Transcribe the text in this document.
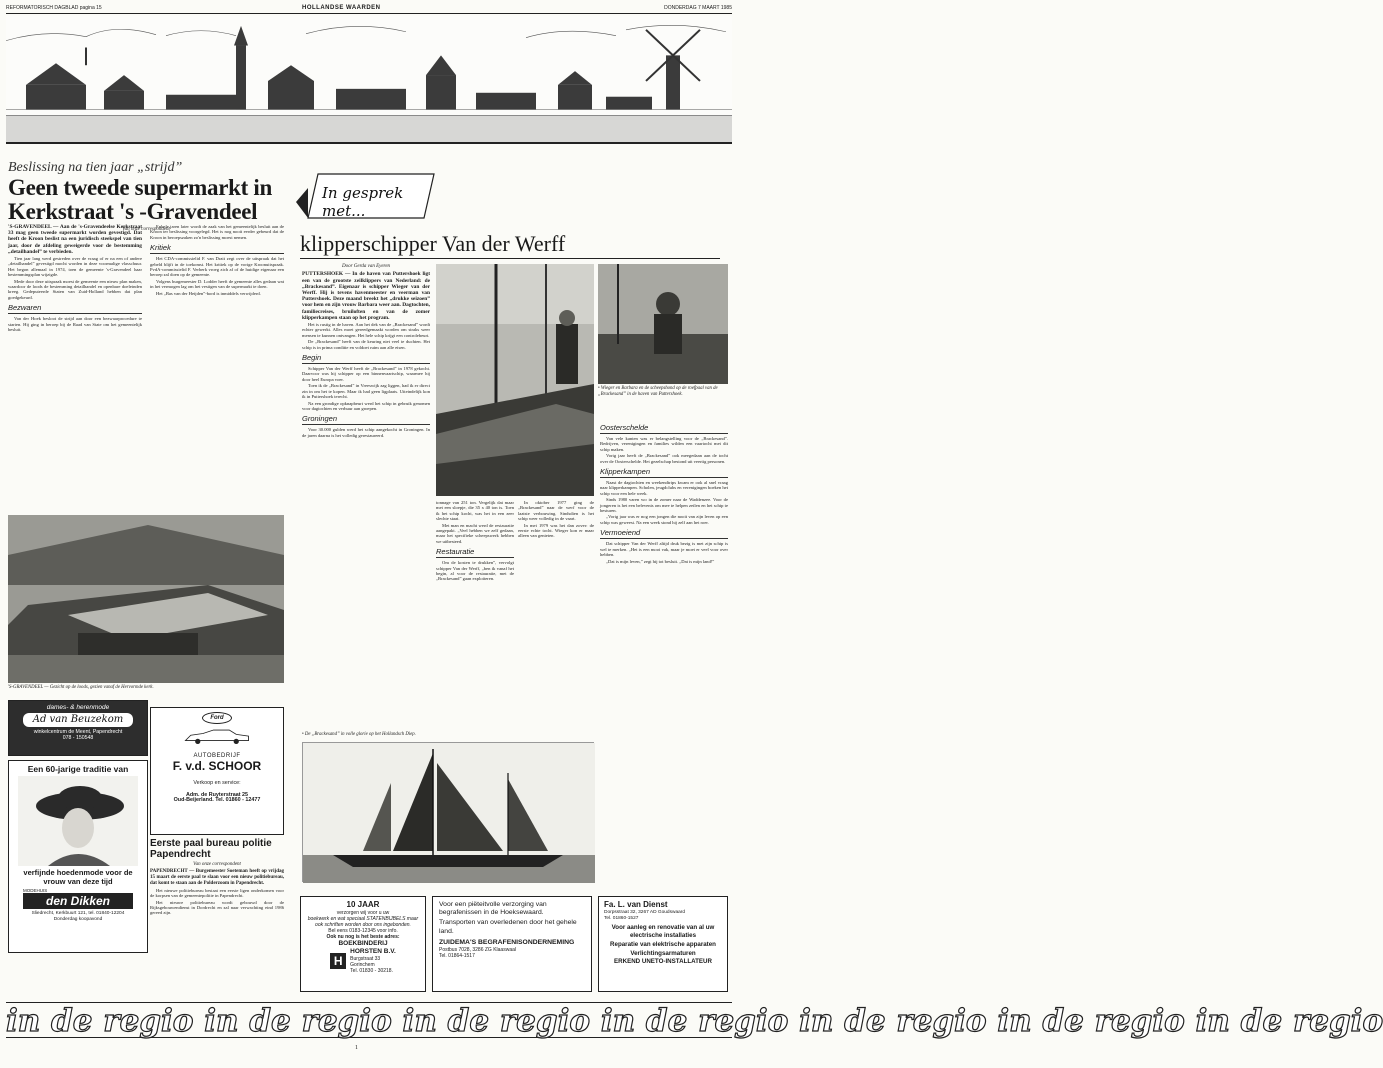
REFORMATORISCH DAGBLAD pagina 15	HOLLANDSE WAARDEN	DONDERDAG 7 MAART 1985
Beslissing na tien jaar „strijd”
Geen tweede supermarkt in Kerkstraat 's -Gravendeel
Van onze correspondent

'S-GRAVENDEEL — Aan de 's-Gravendeelse Kerkstraat 33 mag geen tweede supermarkt worden gevestigd. Dat heeft de Kroon beslist na een juridisch steekspel van tien jaar, door de afdeling geweigerde voor de bestemming „detailhandel” te verbieden.

Tien jaar lang werd gestreden over de vraag of er na een of andere „detailhandel” gevestigd mocht worden in deze voormalige vlasschuur. Het begon allemaal in 1974, toen de gemeente 's-Gravendeel haar bestemmingsplan wijzigde.

Mede door deze uitspraak moest de gemeente een nieuw plan maken, waardoor de loods de bestemming detailhandel en openbare doeleinden kreeg. Gedeputeerde Staten van Zuid-Holland hebben dat plan goedgekeurd.

Bezwaren

Van der Hoek besloot de strijd aan door een bezwaarprocedure te starten. Hij ging in beroep bij de Raad van State om het gemeentelijk besluit.

Enkele jaren later wordt de zaak van het gemeentelijk besluit aan de Kroon ter beslissing voorgelegd. Het is nog nooit eerder gebeurd dat de Kroon in beroepszaken zo'n beslissing moest nemen.

Kritiek

Het CDA-commissielid F. van Drait zegt over de uitspraak dat het gebeld blijft in de toekomst. Het kritiek op de vorige Kroonuitspraak. PvdA-commissielid F. Verberk vroeg zich af of de huidige eigenaar een beroep zal doen op de gemeente.

Volgens burgemeester D. Lodder heeft de gemeente alles gedaan wat in het vermogen lag om het vestigen van de supermarkt te doen.

Het „Bas van der Heijden”-bord is inmiddels verwijderd.

'S-GRAVENDEEL — Gezicht op de loods, gezien vanaf de Hervormde kerk.
dames- & herenmode
Ad van Beuzekom
winkelcentrum de Meent, Papendrecht
078 - 150548
Ford
AUTOBEDRIJF
F. v.d. SCHOOR
Verkoop en service:
Adm. de Ruyterstraat 25
Oud-Beijerland. Tel. 01860 - 12477
Een 60-jarige traditie van
verfijnde hoedenmode voor de vrouw van deze tijd
MODEHUIS
den Dikken
Sliedrecht, Kerkbuurt 121, tel. 01840-12204
Donderdag koopavond
Eerste paal bureau politie Papendrecht
Van onze correspondent

PAPENDRECHT — Burgemeester Soeteman heeft op vrijdag 15 maart de eerste paal te slaan voor een nieuw politiebureau, dat komt te staan aan de Polderzoom in Papendrecht.

Het nieuwe politiebureau bestaat een eerste ligen onderkomen voor de korpsen van de gemeentepolitie in Papendrecht.

Het nieuwe politiebureau wordt gebouwd door de Rijksgebouwendienst in Dordrecht en zal naar verwachting eind 1986 gereed zijn.

In gesprek met...
klipperschipper Van der Werff
Door Gerda van Eyeren

PUTTERSHOEK — In de haven van Puttershoek ligt een van de grootste zeilklippers van Nederland: de „Brackesand”. Eigenaar is schipper Wieger van der Werff. Hij is tevens havenmeester en veerman van Puttershoek. Deze maand breekt het „drukke seizoen” voor hem en zijn vrouw Barbara weer aan. Dagtochten, familiecreises, bruiloften en van de zomer klipperkampen staan op het program.

Het is rustig in de haven. Aan het dek van de „Brackesand” wordt echter gewerkt. Alles moet gereedgemaakt worden om straks weer mensen te kunnen ontvangen. Het hele schip krijgt een controlebeurt.

De „Brackesand” heeft van de keuring niet veel te duchten. Het schip is in prima conditie en voldoet ruim aan alle eisen.

Begin

Schipper Van der Werff heeft de „Brackesand” in 1978 gekocht. Daarvoor was hij schipper op een binnenvaartschip, waarmee hij door heel Europa voer.

Toen ik de „Brackesand” in Vreeswijk zag liggen, had ik er direct zin in om het te kopen. Maar ik had geen ligplaats. Uiteindelijk kon ik in Puttershoek terecht.

Na een grondige opknapbeurt werd het schip in gebruik genomen voor dagtochten en verhuur aan groepen.

Groningen

Voor 30.000 gulden werd het schip aangekocht in Groningen. In de jaren daarna is het volledig gerestaureerd.

• Wieger en Barbara en de scheepshond op de roefpaal van de „Brackesand” in de haven van Puttershoek.

tonnage van 251 ton. Vergelijk dat maar met een sloepje, die 35 x 40 ton is. Toen ik het schip kocht, was het in een zeer slechte staat.

Met man en macht werd de restauratie aangepakt. „Veel hebben we zelf gedaan, maar het specifieke scheepswerk hebben we uitbesteed.

Restauratie

Om de kosten te drukken”, vervolgt schipper Van der Werff, „ben ik vanaf het begin, al voor de restauratie, met de „Brackesand” gaan exploiteren.

In oktober 1977 ging de „Brackesand” naar de werf voor de laatste verbouwing. Sindsdien is het schip weer volledig in de vaart.

In mei 1979 was het dan zover: de eerste echte tocht. Wieger kon er maar alleen van genieten.

• De „Brackesand” in volle glorie op het Hollandsch Diep.
Oosterschelde

Van vele kanten was er belangstelling voor de „Brackesand”. Bedrijven, verenigingen en families wilden een vaartocht met dit schip maken.

Vorig jaar heeft de „Brackesand” ook meegedaan aan de tocht over de Oosterschelde. Het gezelschap bestond uit veertig personen.

Klipperkampen

Naast de dagtochten en weekendtrips kwam er ook al snel vraag naar klipperkampen. Scholen, jeugdclubs en verenigingen boeken het schip voor een hele week.

Sinds 1980 varen wo in de zomer naar de Waddenzee. Voor de jongeren is het een belevenis om mee te helpen zeilen en het schip te besturen.

„Vorig jaar was er nog een jongen die nooit van zijn leven op een schip was geweest. Na een week stond hij zelf aan het roer.

Vermoeiend

Dat schipper Van der Werff altijd druk bezig is met zijn schip is wel te merken. „Het is een mooi vak, maar je moet er veel voor over hebben.

„Dat is mijn leven,” zegt hij tot besluit. „Dat is mijn land!”

10 JAAR
verzorgen wij voor u uw
boekwerk en wat speciaal STATENBIJBELS maar ook schriften worden door ons ingebonden.
Bel eens 0183-12345 voor info.
Ook nu nog is het beste adres:
BOEKBINDERIJ
H
HORSTEN B.V.
Burgstraat 33
Gorinchem
Tel. 01830 - 30218.
Voor een piëteitvolle verzorging van begrafenissen in de Hoeksewaard.
Transporten van overledenen door het gehele land.
ZUIDEMA'S BEGRAFENISONDERNEMING
Postbus 7028, 3286 ZG Klaaswaal
Tel. 01864-1517
Fa. L. van Dienst
Dorpsstraat 32, 3267 AD Goudswaard
Tel. 01860-1527
Voor aanleg en renovatie van al uw electrische installaties
Reparatie van elektrische apparaten
Verlichtingsarmaturen
ERKEND UNETO-INSTALLATEUR
in de regio in de regio in de regio in de regio in de regio in de regio in de regio
1
